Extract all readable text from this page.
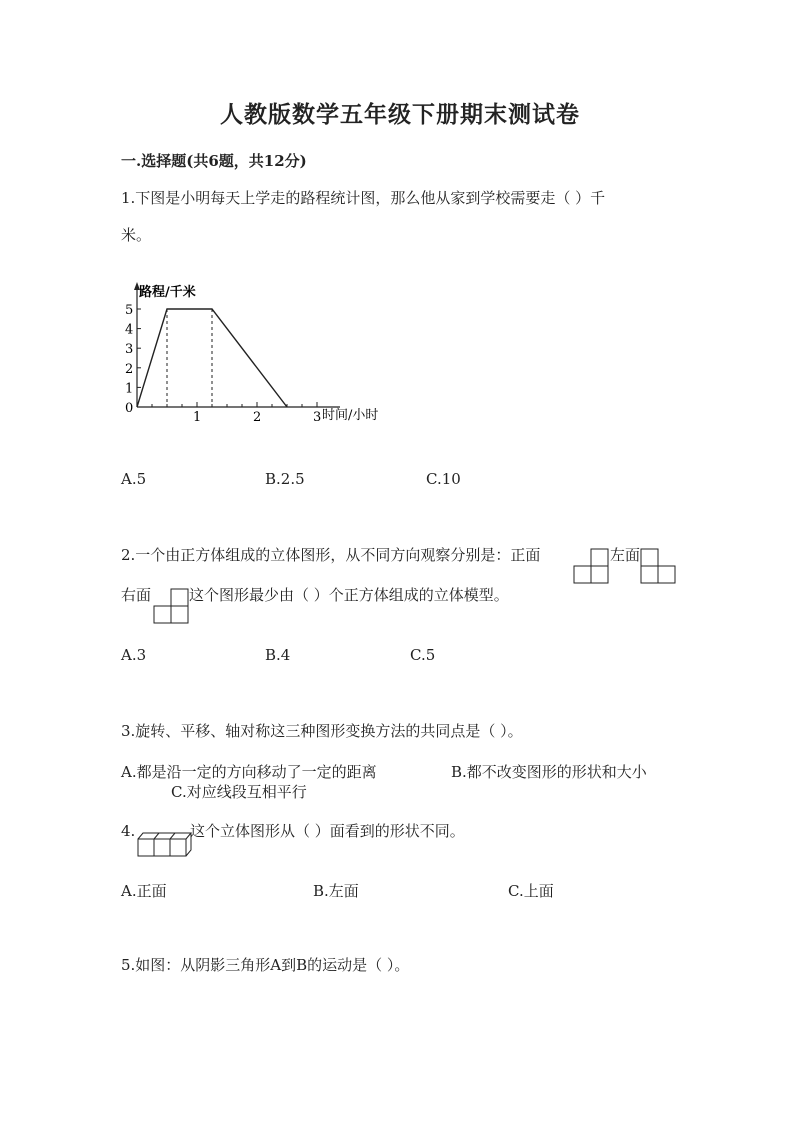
人教版数学五年级下册期末测试卷
一.选择题(共6题，共12分)
1.下图是小明每天上学走的路程统计图，那么他从家到学校需要走（ ）千
米。
0
1
2
3
4
5
1	2	3
路程/千米
时间/小时
A.5	B.2.5	C.10
2.一个由正方体组成的立体图形，从不同方向观察分别是：正面	左面
右面	这个图形最少由（ ）个正方体组成的立体模型。
A.3	B.4	C.5
3.旋转、平移、轴对称这三种图形变换方法的共同点是（ ）。
A.都是沿一定的方向移动了一定的距离	B.都不改变图形的形状和大小
C.对应线段互相平行
4.	这个立体图形从（ ）面看到的形状不同。
A.正面	B.左面	C.上面
5.如图：从阴影三角形A到B的运动是（ ）。
